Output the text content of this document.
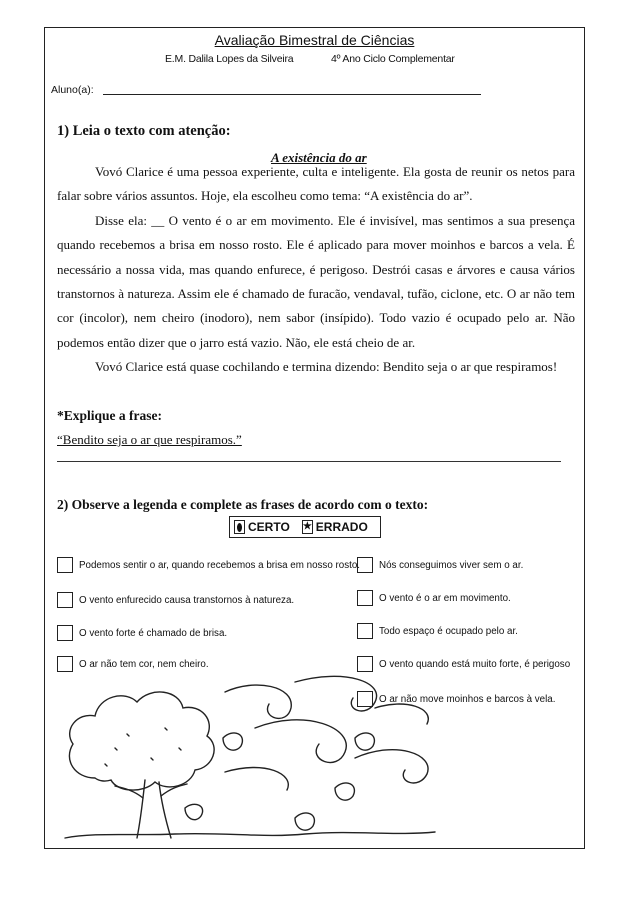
Avaliação Bimestral de Ciências
E.M. Dalila Lopes da Silveira	4º Ano Ciclo Complementar
Aluno(a):
1) Leia o texto com atenção:
A existência do ar

Vovó Clarice é uma pessoa experiente, culta e inteligente. Ela gosta de reunir os netos para falar sobre vários assuntos. Hoje, ela escolheu como tema: “A existência do ar”.

Disse ela: __ O vento é o ar em movimento. Ele é invisível, mas sentimos a sua presença quando recebemos a brisa em nosso rosto. Ele é aplicado para mover moinhos e barcos a vela. É necessário a nossa vida, mas quando enfurece, é perigoso. Destrói casas e árvores e causa vários transtornos à natureza. Assim ele é chamado de furacão, vendaval, tufão, ciclone, etc. O ar não tem cor (incolor), nem cheiro (inodoro), nem sabor (insípido). Todo vazio é ocupado pelo ar. Não podemos então dizer que o jarro está vazio. Não, ele está cheio de ar.

Vovó Clarice está quase cochilando e termina dizendo: Bendito seja o ar que respiramos!

*Explique a frase:
“Bendito seja o ar que respiramos.”
2) Observe a legenda e complete as frases de acordo com o texto:
CERTO ★ ERRADO
Podemos sentir o ar, quando recebemos a brisa em nosso rosto.
O vento enfurecido causa transtornos à natureza.
O vento forte é chamado de brisa.
O ar não tem cor, nem cheiro.
Nós conseguimos viver sem o ar.
O vento é o ar em movimento.
Todo espaço é ocupado pelo ar.
O vento quando está muito forte, é perigoso
O ar não move moinhos e barcos à vela.
